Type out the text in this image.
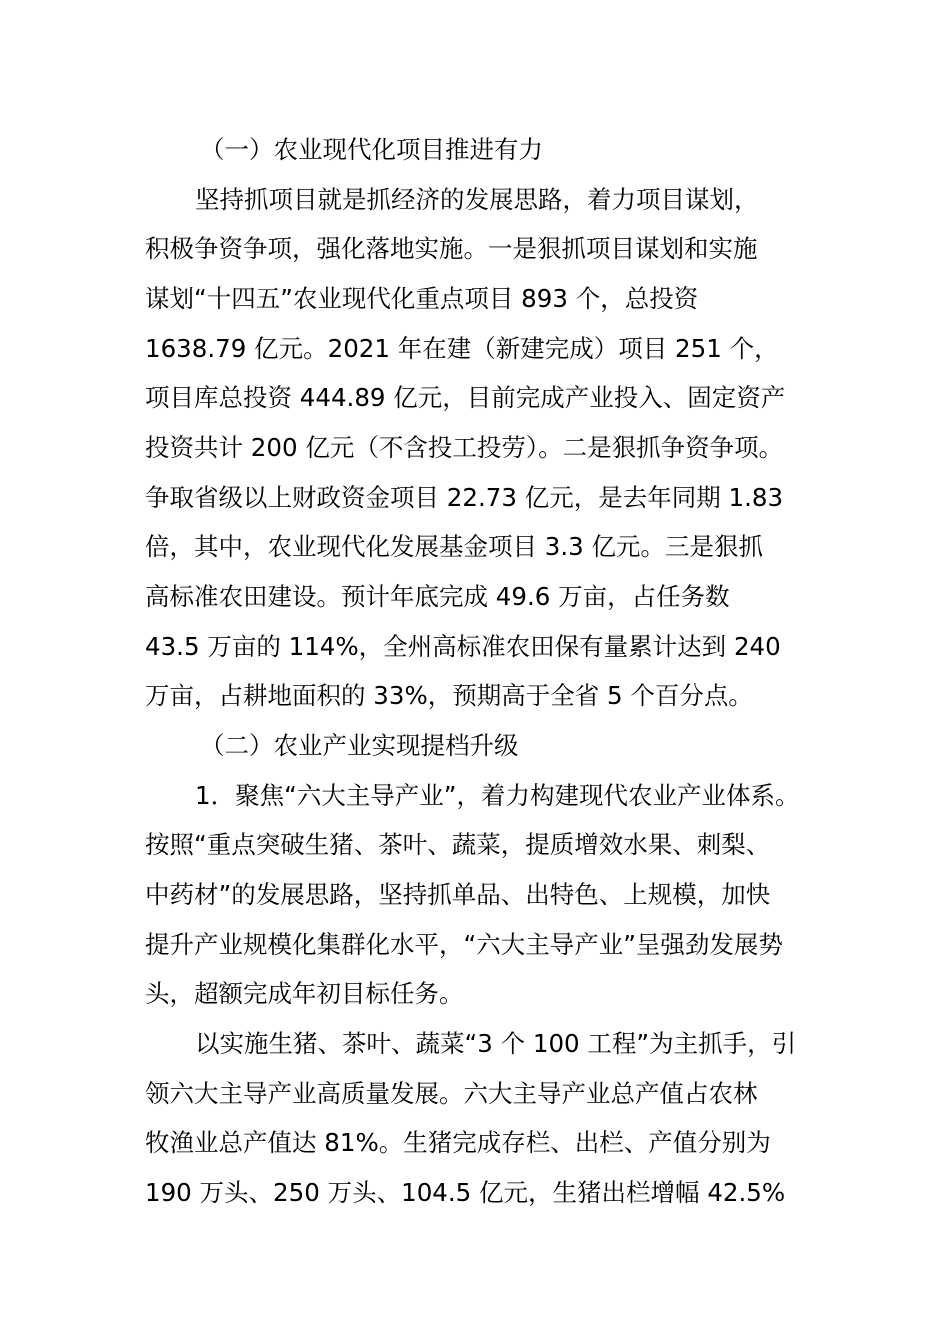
（一）农业现代化项目推进有力
坚持抓项目就是抓经济的发展思路，着力项目谋划，
积极争资争项，强化落地实施。一是狠抓项目谋划和实施
谋划“十四五”农业现代化重点项目 893 个，总投资
1638.79 亿元。2021 年在建（新建完成）项目 251 个，
项目库总投资 444.89 亿元，目前完成产业投入、固定资产
投资共计 200 亿元（不含投工投劳）。二是狠抓争资争项。
争取省级以上财政资金项目 22.73 亿元，是去年同期 1.83
倍，其中，农业现代化发展基金项目 3.3 亿元。三是狠抓
高标准农田建设。预计年底完成 49.6 万亩，占任务数
43.5 万亩的 114%，全州高标准农田保有量累计达到 240
万亩，占耕地面积的 33%，预期高于全省 5 个百分点。
（二）农业产业实现提档升级
1．聚焦“六大主导产业”，着力构建现代农业产业体系。
按照“重点突破生猪、茶叶、蔬菜，提质增效水果、刺梨、
中药材”的发展思路，坚持抓单品、出特色、上规模，加快
提升产业规模化集群化水平，“六大主导产业”呈强劲发展势
头，超额完成年初目标任务。
以实施生猪、茶叶、蔬菜“3 个 100 工程”为主抓手，引
领六大主导产业高质量发展。六大主导产业总产值占农林
牧渔业总产值达 81%。生猪完成存栏、出栏、产值分别为
190 万头、250 万头、104.5 亿元，生猪出栏增幅 42.5%
